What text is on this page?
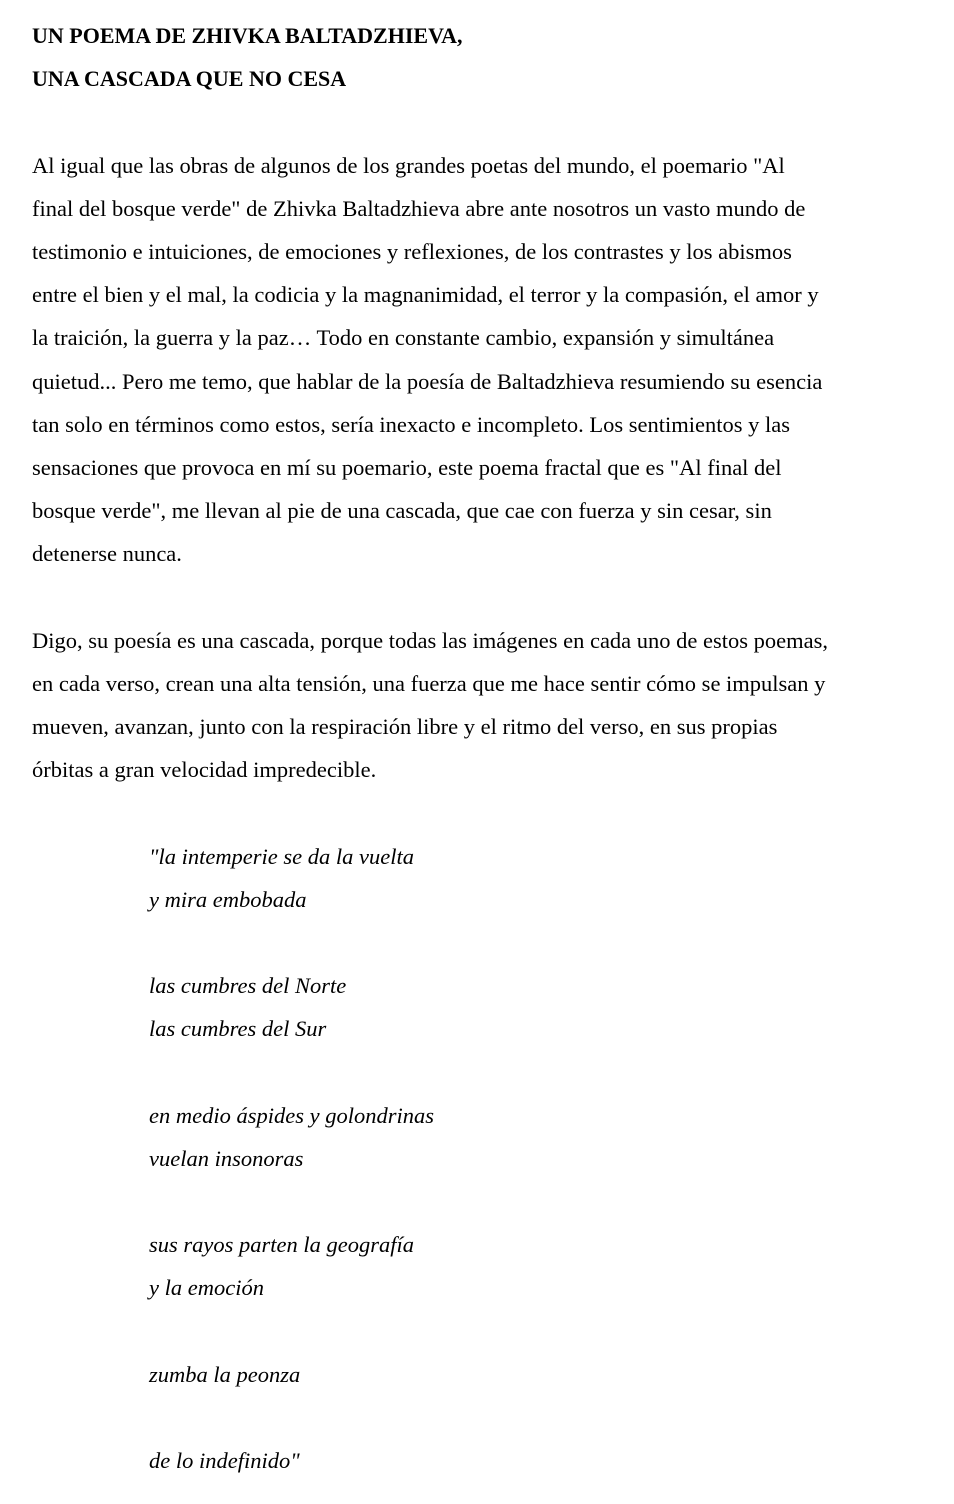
UN POEMA DE ZHIVKA BALTADZHIEVA,
UNA CASCADA QUE NO CESA
Al igual que las obras de algunos de los grandes poetas del mundo, el poemario "Al
final del bosque verde" de Zhivka Baltadzhieva abre ante nosotros un vasto mundo de
testimonio e intuiciones, de emociones y reflexiones, de los contrastes y los abismos
entre el bien y el mal, la codicia y la magnanimidad, el terror y la compasión, el amor y
la traición, la guerra y la paz… Todo en constante cambio, expansión y simultánea
quietud... Pero me temo, que hablar de la poesía de Baltadzhieva resumiendo su esencia
tan solo en términos como estos, sería inexacto e incompleto. Los sentimientos y las
sensaciones que provoca en mí su poemario, este poema fractal que es "Al final del
bosque verde", me llevan al pie de una cascada, que cae con fuerza y sin cesar, sin
detenerse nunca.
Digo, su poesía es una cascada, porque todas las imágenes en cada uno de estos poemas,
en cada verso, crean una alta tensión, una fuerza que me hace sentir cómo se impulsan y
mueven, avanzan, junto con la respiración libre y el ritmo del verso, en sus propias
órbitas a gran velocidad impredecible.
"la intemperie se da la vuelta
y mira embobada
las cumbres del Norte
las cumbres del Sur
en medio áspides y golondrinas
vuelan insonoras
sus rayos parten la geografía
y la emoción
zumba la peonza
de lo indefinido"
